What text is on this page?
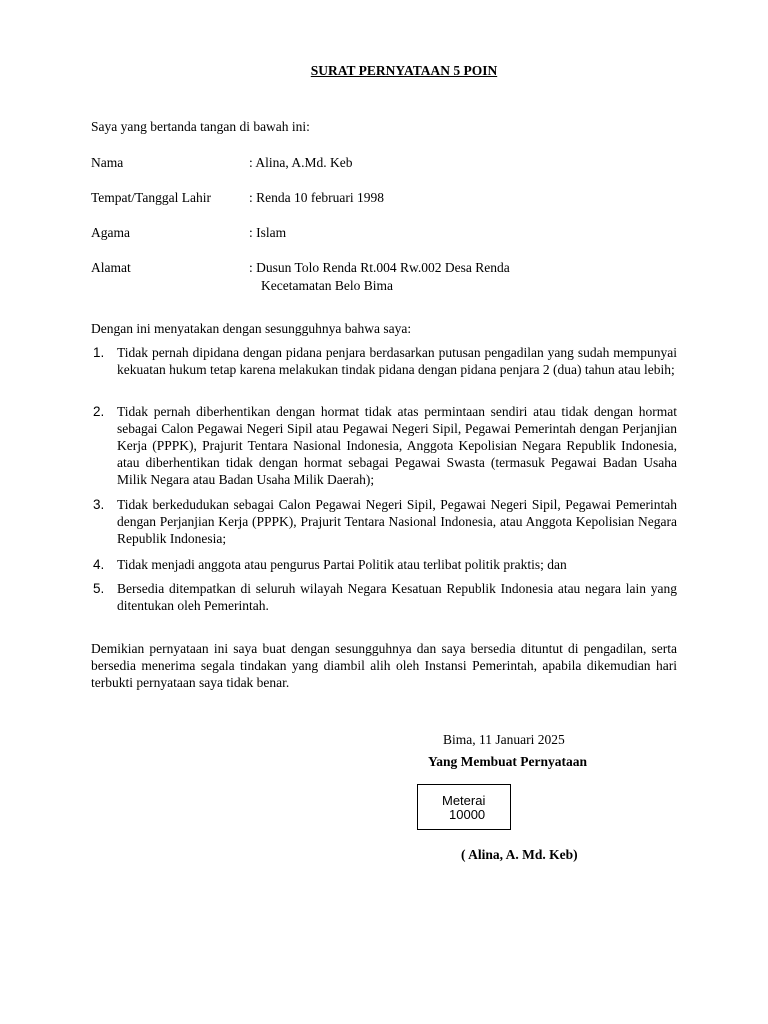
SURAT PERNYATAAN 5 POIN
Saya yang bertanda tangan di bawah ini:
Nama	: Alina, A.Md. Keb
Tempat/Tanggal Lahir	: Renda 10 februari 1998
Agama	: Islam
Alamat	: Dusun Tolo Renda Rt.004 Rw.002 Desa Renda
Kecetamatan Belo Bima
Dengan ini menyatakan dengan sesungguhnya bahwa saya:
1. Tidak pernah dipidana dengan pidana penjara berdasarkan putusan pengadilan yang sudah mempunyai kekuatan hukum tetap karena melakukan tindak pidana dengan pidana penjara 2 (dua) tahun atau lebih;
2. Tidak pernah diberhentikan dengan hormat tidak atas permintaan sendiri atau tidak dengan hormat sebagai Calon Pegawai Negeri Sipil atau Pegawai Negeri Sipil, Pegawai Pemerintah dengan Perjanjian Kerja (PPPK), Prajurit Tentara Nasional Indonesia, Anggota Kepolisian Negara Republik Indonesia, atau diberhentikan tidak dengan hormat sebagai Pegawai Swasta (termasuk Pegawai Badan Usaha Milik Negara atau Badan Usaha Milik Daerah);
3. Tidak berkedudukan sebagai Calon Pegawai Negeri Sipil, Pegawai Negeri Sipil, Pegawai Pemerintah dengan Perjanjian Kerja (PPPK), Prajurit Tentara Nasional Indonesia, atau Anggota Kepolisian Negara Republik Indonesia;
4. Tidak menjadi anggota atau pengurus Partai Politik atau terlibat politik praktis; dan
5. Bersedia ditempatkan di seluruh wilayah Negara Kesatuan Republik Indonesia atau negara lain yang ditentukan oleh Pemerintah.
Demikian pernyataan ini saya buat dengan sesungguhnya dan saya bersedia dituntut di pengadilan, serta bersedia menerima segala tindakan yang diambil alih oleh Instansi Pemerintah, apabila dikemudian hari terbukti pernyataan saya tidak benar.
Bima, 11 Januari 2025
Yang Membuat Pernyataan
Meterai
10000
( Alina, A. Md. Keb)
